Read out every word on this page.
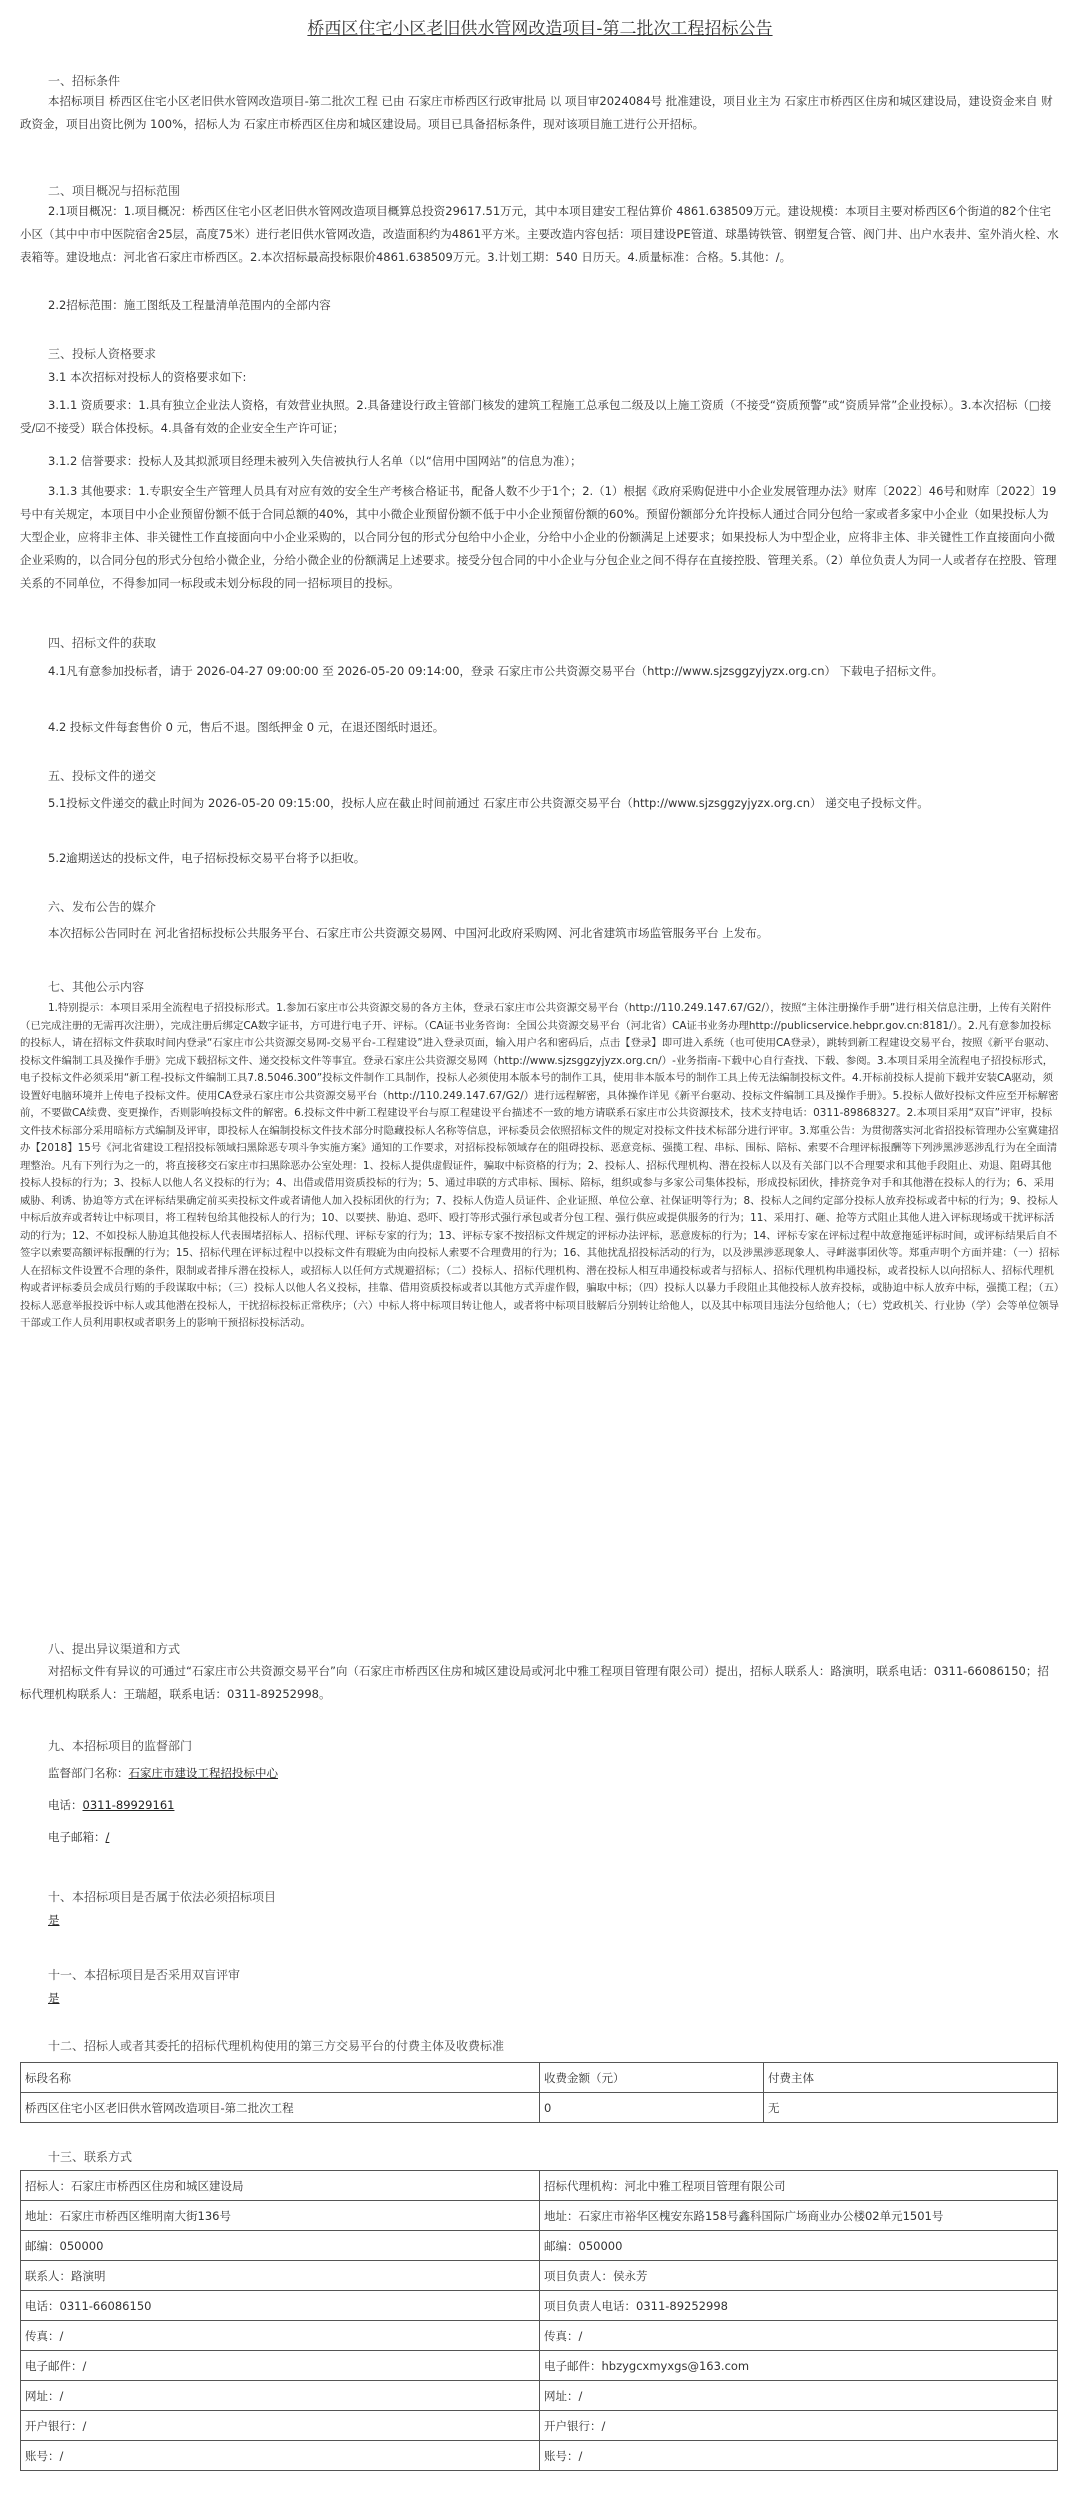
桥西区住宅小区老旧供水管网改造项目-第二批次工程招标公告
一、招标条件

本招标项目 桥西区住宅小区老旧供水管网改造项目-第二批次工程 已由 石家庄市桥西区行政审批局 以 项目审2024084号 批准建设，项目业主为 石家庄市桥西区住房和城区建设局，建设资金来自 财政资金，项目出资比例为 100%，招标人为 石家庄市桥西区住房和城区建设局。项目已具备招标条件，现对该项目施工进行公开招标。

二、项目概况与招标范围

2.1项目概况：1.项目概况：桥西区住宅小区老旧供水管网改造项目概算总投资29617.51万元，其中本项目建安工程估算价 4861.638509万元。建设规模：本项目主要对桥西区6个街道的82个住宅小区（其中中市中医院宿舍25层，高度75米）进行老旧供水管网改造，改造面积约为4861平方米。主要改造内容包括：项目建设PE管道、球墨铸铁管、钢塑复合管、阀门井、出户水表井、室外消火栓、水表箱等。建设地点：河北省石家庄市桥西区。2.本次招标最高投标限价4861.638509万元。3.计划工期：540 日历天。4.质量标准：合格。5.其他：/。

2.2招标范围：施工图纸及工程量清单范围内的全部内容

三、投标人资格要求

3.1 本次招标对投标人的资格要求如下:

3.1.1 资质要求：1.具有独立企业法人资格，有效营业执照。2.具备建设行政主管部门核发的建筑工程施工总承包二级及以上施工资质（不接受“资质预警”或“资质异常”企业投标）。3.本次招标（□接受/☑不接受）联合体投标。4.具备有效的企业安全生产许可证；

3.1.2 信誉要求：投标人及其拟派项目经理未被列入失信被执行人名单（以“信用中国网站”的信息为准）；

3.1.3 其他要求：1.专职安全生产管理人员具有对应有效的安全生产考核合格证书，配备人数不少于1个；2.（1）根据《政府采购促进中小企业发展管理办法》财库〔2022〕46号和财库〔2022〕19号中有关规定，本项目中小企业预留份额不低于合同总额的40%，其中小微企业预留份额不低于中小企业预留份额的60%。预留份额部分允许投标人通过合同分包给一家或者多家中小企业（如果投标人为大型企业，应将非主体、非关键性工作直接面向中小企业采购的，以合同分包的形式分包给中小企业，分给中小企业的份额满足上述要求；如果投标人为中型企业，应将非主体、非关键性工作直接面向小微企业采购的，以合同分包的形式分包给小微企业，分给小微企业的份额满足上述要求。接受分包合同的中小企业与分包企业之间不得存在直接控股、管理关系。（2）单位负责人为同一人或者存在控股、管理关系的不同单位，不得参加同一标段或未划分标段的同一招标项目的投标。

四、招标文件的获取

4.1凡有意参加投标者，请于 2026-04-27 09:00:00 至 2026-05-20 09:14:00，登录 石家庄市公共资源交易平台（http://www.sjzsggzyjyzx.org.cn） 下载电子招标文件。

4.2 投标文件每套售价 0 元，售后不退。图纸押金 0 元，在退还图纸时退还。

五、投标文件的递交

5.1投标文件递交的截止时间为 2026-05-20 09:15:00，投标人应在截止时间前通过 石家庄市公共资源交易平台（http://www.sjzsggzyjyzx.org.cn） 递交电子投标文件。

5.2逾期送达的投标文件，电子招标投标交易平台将予以拒收。

六、发布公告的媒介

本次招标公告同时在 河北省招标投标公共服务平台、石家庄市公共资源交易网、中国河北政府采购网、河北省建筑市场监管服务平台 上发布。

七、其他公示内容

1.特别提示：本项目采用全流程电子招投标形式。1.参加石家庄市公共资源交易的各方主体，登录石家庄市公共资源交易平台（http://110.249.147.67/G2/），按照“主体注册操作手册”进行相关信息注册，上传有关附件（已完成注册的无需再次注册），完成注册后绑定CA数字证书，方可进行电子开、评标。（CA证书业务咨询：全国公共资源交易平台（河北省）CA证书业务办理http://publicservice.hebpr.gov.cn:8181/）。2.凡有意参加投标的投标人，请在招标文件获取时间内登录“石家庄市公共资源交易网-交易平台-工程建设”进入登录页面，输入用户名和密码后，点击【登录】即可进入系统（也可使用CA登录），跳转到新工程建设交易平台，按照《新平台驱动、投标文件编制工具及操作手册》完成下载招标文件、递交投标文件等事宜。登录石家庄公共资源交易网（http://www.sjzsggzyjyzx.org.cn/）-业务指南-下载中心自行查找、下载、参阅。3.本项目采用全流程电子招投标形式，电子投标文件必须采用“新工程-投标文件编制工具7.8.5046.300”投标文件制作工具制作，投标人必须使用本版本号的制作工具，使用非本版本号的制作工具上传无法编制投标文件。4.开标前投标人提前下载并安装CA驱动，须设置好电脑环境并上传电子投标文件。使用CA登录石家庄市公共资源交易平台（http://110.249.147.67/G2/）进行远程解密，具体操作详见《新平台驱动、投标文件编制工具及操作手册》。5.投标人做好投标文件应至开标解密前，不要做CA续费、变更操作，否则影响投标文件的解密。6.投标文件中新工程建设平台与原工程建设平台描述不一致的地方请联系石家庄市公共资源技术，技术支持电话：0311-89868327。2.本项目采用“双盲”评审，投标文件技术标部分采用暗标方式编制及评审，即投标人在编制投标文件技术部分时隐藏投标人名称等信息，评标委员会依照招标文件的规定对投标文件技术标部分进行评审。3.郑重公告：为贯彻落实河北省招投标管理办公室冀建招办【2018】15号《河北省建设工程招投标领域扫黑除恶专项斗争实施方案》通知的工作要求，对招标投标领域存在的阻碍投标、恶意竞标、强揽工程、串标、围标、陪标、索要不合理评标报酬等下列涉黑涉恶涉乱行为在全面清理整治。凡有下列行为之一的，将直接移交石家庄市扫黑除恶办公室处理：1、投标人提供虚假证件，骗取中标资格的行为；2、投标人、招标代理机构、潜在投标人以及有关部门以不合理要求和其他手段阻止、劝退、阻碍其他投标人投标的行为；3、投标人以他人名义投标的行为；4、出借或借用资质投标的行为；5、通过串联的方式串标、围标、陪标，组织或参与多家公司集体投标，形成投标团伙，排挤竞争对手和其他潜在投标人的行为；6、采用威胁、利诱、协迫等方式在评标结果确定前买卖投标文件或者请他人加入投标团伙的行为；7、投标人伪造人员证件、企业证照、单位公章、社保证明等行为；8、投标人之间约定部分投标人放弃投标或者中标的行为；9、投标人中标后放弃或者转让中标项目，将工程转包给其他投标人的行为；10、以要挟、胁迫、恐吓、殴打等形式强行承包或者分包工程、强行供应或提供服务的行为；11、采用打、砸、抢等方式阻止其他人进入评标现场或干扰评标活动的行为；12、不如投标人胁迫其他投标人代表围堵招标人、招标代理、评标专家的行为；13、评标专家不按招标文件规定的评标办法评标，恶意废标的行为；14、评标专家在评标过程中故意拖延评标时间，或评标结果后自不签字以索要高额评标报酬的行为；15、招标代理在评标过程中以投标文件有瑕疵为由向投标人索要不合理费用的行为；16、其他扰乱招投标活动的行为，以及涉黑涉恶现象人、寻衅滋事团伙等。郑重声明个方面并建：（一）招标人在招标文件设置不合理的条件，限制或者排斥潜在投标人，或招标人以任何方式规避招标；（二）投标人、招标代理机构、潜在投标人相互串通投标或者与招标人、招标代理机构串通投标，或者投标人以向招标人、招标代理机构或者评标委员会成员行贿的手段谋取中标；（三）投标人以他人名义投标，挂靠、借用资质投标或者以其他方式弄虚作假，骗取中标；（四）投标人以暴力手段阻止其他投标人放弃投标，或胁迫中标人放弃中标，强揽工程；（五）投标人恶意举报投诉中标人或其他潜在投标人，干扰招标投标正常秩序；（六）中标人将中标项目转让他人，或者将中标项目肢解后分别转让给他人，以及其中标项目违法分包给他人；（七）党政机关、行业协（学）会等单位领导干部或工作人员利用职权或者职务上的影响干预招标投标活动。

八、提出异议渠道和方式

对招标文件有异议的可通过“石家庄市公共资源交易平台”向（石家庄市桥西区住房和城区建设局或河北中雅工程项目管理有限公司）提出，招标人联系人：路演明，联系电话：0311-66086150；招标代理机构联系人：王瑞超，联系电话：0311-89252998。

九、本招标项目的监督部门
监督部门名称：石家庄市建设工程招投标中心
电话：0311-89929161
电子邮箱：/
十、本招标项目是否属于依法必须招标项目
是
十一、本招标项目是否采用双盲评审
是
十二、招标人或者其委托的招标代理机构使用的第三方交易平台的付费主体及收费标准
标段名称	收费金额（元）	付费主体
桥西区住宅小区老旧供水管网改造项目-第二批次工程	0	无
十三、联系方式
招标人：石家庄市桥西区住房和城区建设局	招标代理机构：河北中雅工程项目管理有限公司
地址：石家庄市桥西区维明南大街136号	地址：石家庄市裕华区槐安东路158号鑫科国际广场商业办公楼02单元1501号
邮编：050000	邮编：050000
联系人：路演明	项目负责人：侯永芳
电话：0311-66086150	项目负责人电话：0311-89252998
传真：/	传真：/
电子邮件：/	电子邮件：hbzygcxmyxgs@163.com
网址：/	网址：/
开户银行：/	开户银行：/
账号：/	账号：/
